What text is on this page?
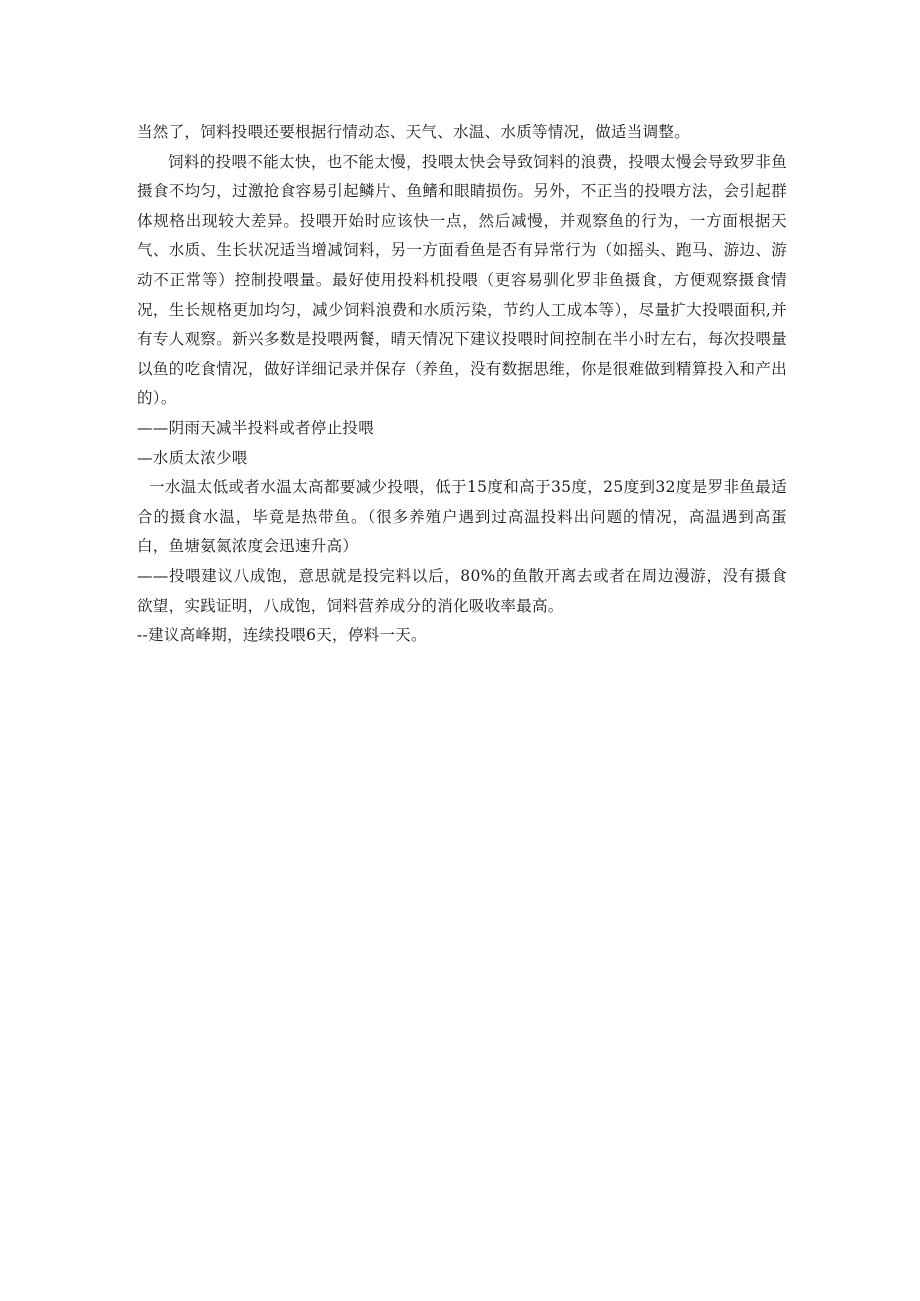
当然了，饲料投喂还要根据行情动态、天气、水温、水质等情况，做适当调整。

饲料的投喂不能太快，也不能太慢，投喂太快会导致饲料的浪费，投喂太慢会导致罗非鱼摄食不均匀，过激抢食容易引起鳞片、鱼鳍和眼睛损伤。另外，不正当的投喂方法，会引起群体规格出现较大差异。投喂开始时应该快一点，然后减慢，并观察鱼的行为，一方面根据天气、水质、生长状况适当增减饲料，另一方面看鱼是否有异常行为（如摇头、跑马、游边、游动不正常等）控制投喂量。最好使用投料机投喂（更容易驯化罗非鱼摄食，方便观察摄食情况，生长规格更加均匀，减少饲料浪费和水质污染，节约人工成本等），尽量扩大投喂面积,并有专人观察。新兴多数是投喂两餐，晴天情况下建议投喂时间控制在半小时左右，每次投喂量以鱼的吃食情况，做好详细记录并保存（养鱼，没有数据思维，你是很难做到精算投入和产出的）。

——阴雨天减半投料或者停止投喂

—水质太浓少喂

一水温太低或者水温太高都要减少投喂，低于15度和高于35度，25度到32度是罗非鱼最适合的摄食水温，毕竟是热带鱼。（很多养殖户遇到过高温投料出问题的情况，高温遇到高蛋白，鱼塘氨氮浓度会迅速升高）

——投喂建议八成饱，意思就是投完料以后，80%的鱼散开离去或者在周边漫游，没有摄食欲望，实践证明，八成饱，饲料营养成分的消化吸收率最高。

--建议高峰期，连续投喂6天，停料一天。
